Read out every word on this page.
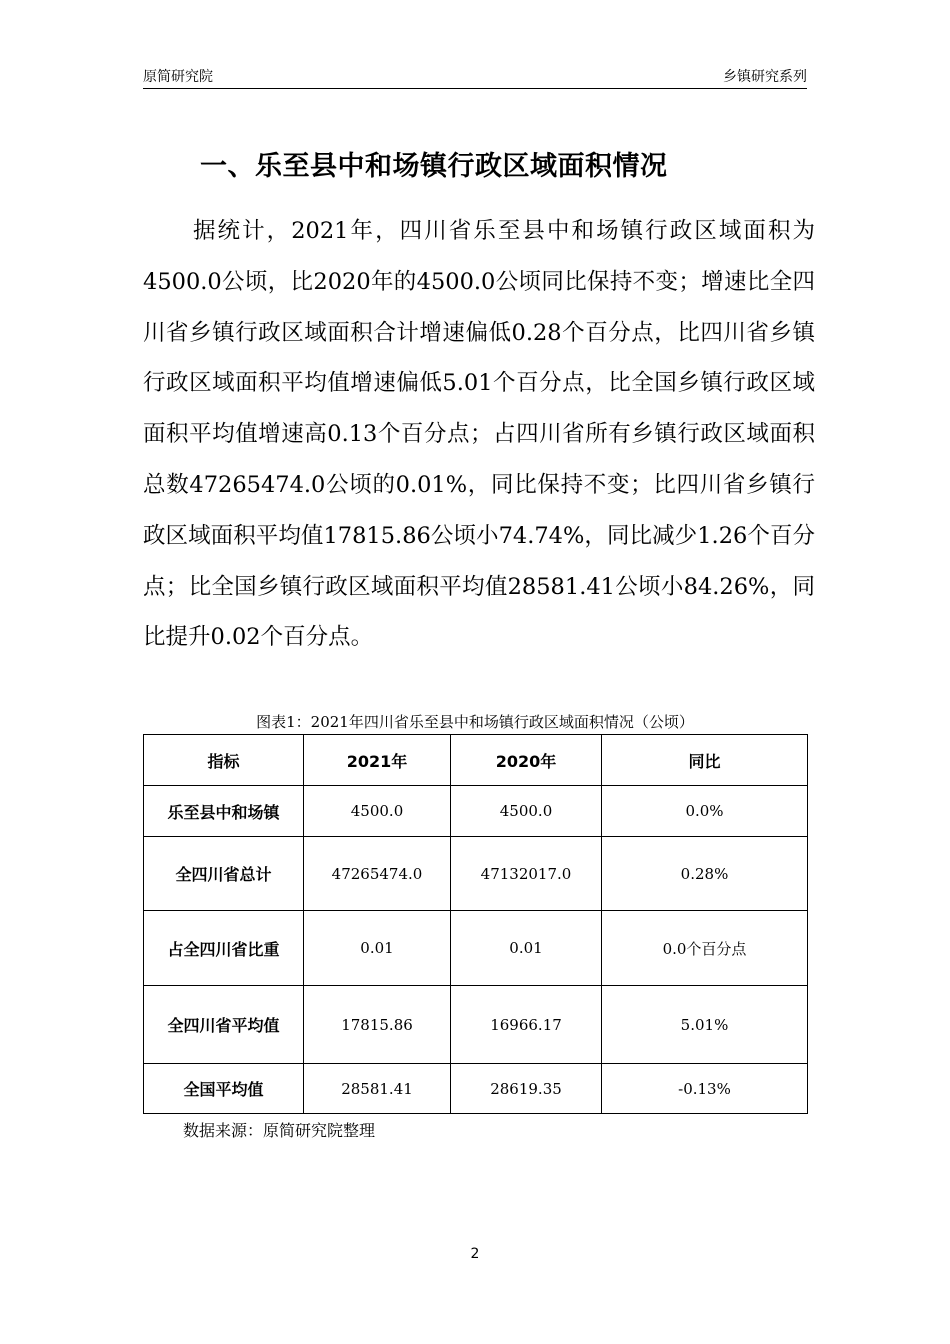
原简研究院	乡镇研究系列
一、乐至县中和场镇行政区域面积情况

据统计，2021年，四川省乐至县中和场镇行政区域面积为4500.0公顷，比2020年的4500.0公顷同比保持不变；增速比全四川省乡镇行政区域面积合计增速偏低0.28个百分点，比四川省乡镇行政区域面积平均值增速偏低5.01个百分点，比全国乡镇行政区域面积平均值增速高0.13个百分点；占四川省所有乡镇行政区域面积总数47265474.0公顷的0.01%，同比保持不变；比四川省乡镇行政区域面积平均值17815.86公顷小74.74%，同比减少1.26个百分点；比全国乡镇行政区域面积平均值28581.41公顷小84.26%，同比提升0.02个百分点。

图表1：2021年四川省乐至县中和场镇行政区域面积情况（公顷）
指标	2021年	2020年	同比
乐至县中和场镇	4500.0	4500.0	0.0%
全四川省总计	47265474.0	47132017.0	0.28%
占全四川省比重	0.01	0.01	0.0个百分点
全四川省平均值	17815.86	16966.17	5.01%
全国平均值	28581.41	28619.35	-0.13%
数据来源：原简研究院整理
2
